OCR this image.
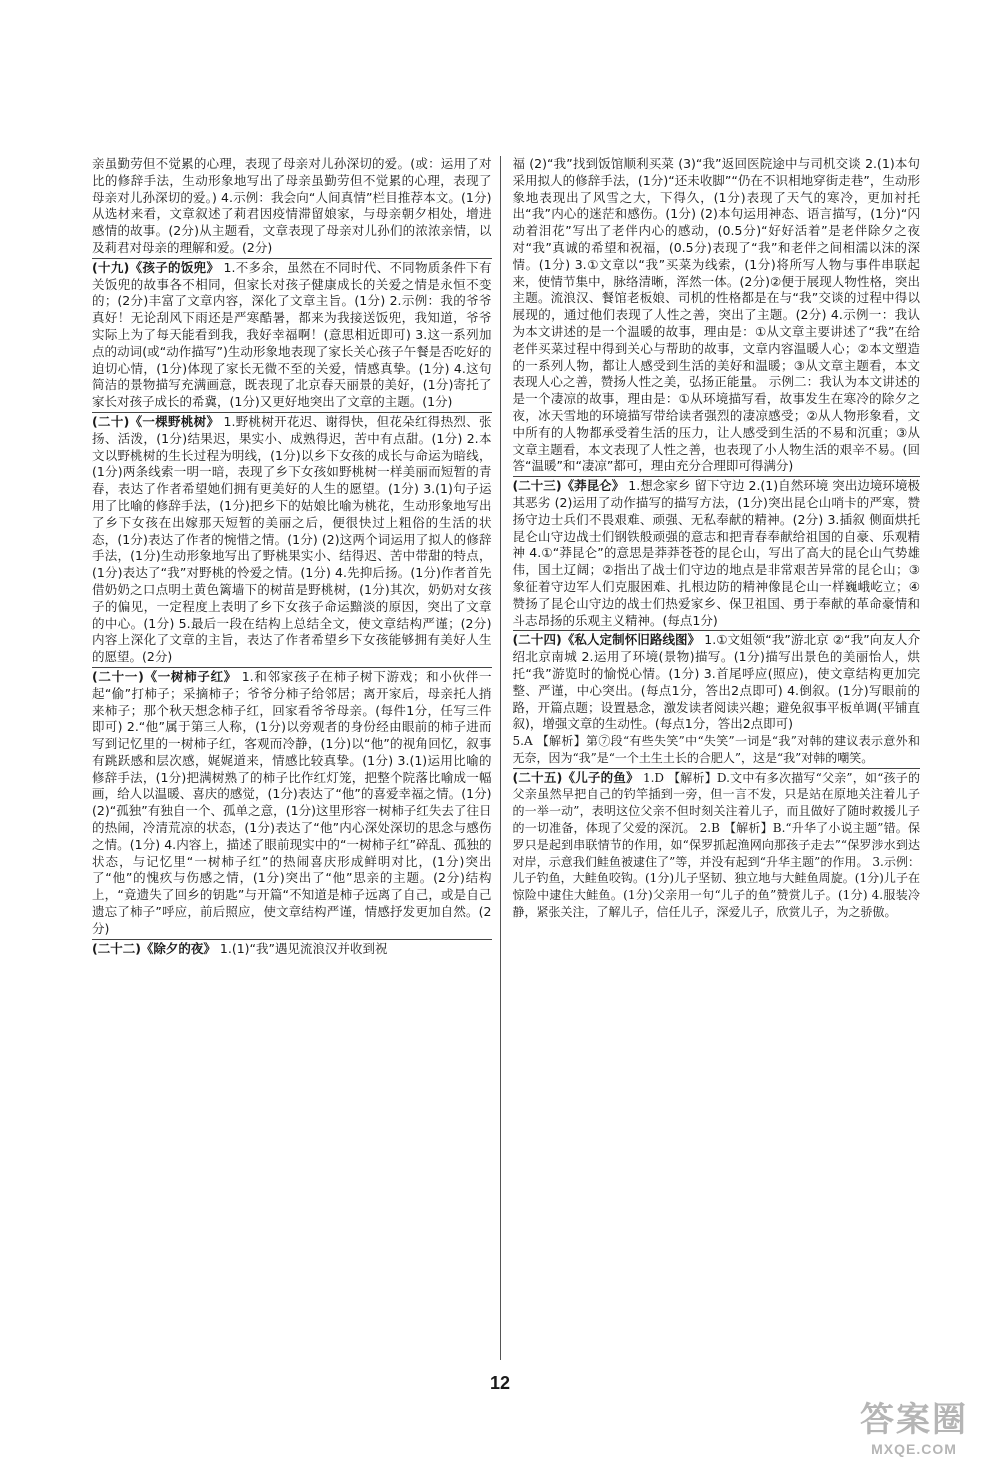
亲虽勤劳但不觉累的心理，表现了母亲对儿孙深切的爱。(或：运用了对比的修辞手法，生动形象地写出了母亲虽勤劳但不觉累的心理，表现了母亲对儿孙深切的爱。) 4.示例：我会向“人间真情”栏目推荐本文。(1分)从选材来看，文章叙述了莉君因疫情滞留娘家，与母亲朝夕相处，增进感情的故事。(2分)从主题看，文章表现了母亲对儿孙们的浓浓亲情，以及莉君对母亲的理解和爱。(2分)

(十九)《孩子的饭兜》 1.不多余，虽然在不同时代、不同物质条件下有关饭兜的故事各不相同，但家长对孩子健康成长的关爱之情是永恒不变的；(2分)丰富了文章内容，深化了文章主旨。(1分) 2.示例：我的爷爷真好！无论刮风下雨还是严寒酷暑，都来为我接送饭兜，我知道，爷爷实际上为了每天能看到我，我好幸福啊！(意思相近即可) 3.这一系列加点的动词(或“动作描写”)生动形象地表现了家长关心孩子午餐是否吃好的迫切心情，(1分)体现了家长无微不至的关爱，情感真挚。(1分) 4.这句简洁的景物描写充满画意，既表现了北京春天丽景的美好，(1分)寄托了家长对孩子成长的希冀，(1分)又更好地突出了文章的主题。(1分)
(二十)《一棵野桃树》 1.野桃树开花迟、谢得快，但花朵红得热烈、张扬、活泼，(1分)结果迟，果实小、成熟得迟，苦中有点甜。(1分) 2.本文以野桃树的生长过程为明线，(1分)以乡下女孩的成长与命运为暗线，(1分)两条线索一明一暗，表现了乡下女孩如野桃树一样美丽而短暂的青春，表达了作者希望她们拥有更美好的人生的愿望。(1分) 3.(1)句子运用了比喻的修辞手法，(1分)把乡下的姑娘比喻为桃花，生动形象地写出了乡下女孩在出嫁那天短暂的美丽之后，便很快过上粗俗的生活的状态，(1分)表达了作者的惋惜之情。(1分) (2)这两个词运用了拟人的修辞手法，(1分)生动形象地写出了野桃果实小、结得迟、苦中带甜的特点，(1分)表达了“我”对野桃的怜爱之情。(1分) 4.先抑后扬。(1分)作者首先借奶奶之口点明土黄色篱墙下的树苗是野桃树，(1分)其次，奶奶对女孩子的偏见，一定程度上表明了乡下女孩子命运黯淡的原因，突出了文章的中心。(1分) 5.最后一段在结构上总结全文，使文章结构严谨；(2分)内容上深化了文章的主旨，表达了作者希望乡下女孩能够拥有美好人生的愿望。(2分)
(二十一)《一树柿子红》 1.和邻家孩子在柿子树下游戏；和小伙伴一起“偷”打柿子；采摘柿子；爷爷分柿子给邻居；离开家后，母亲托人捎来柿子；那个秋天想念柿子红，回家看爷爷母亲。(每件1分，任写三件即可) 2.“他”属于第三人称，(1分)以旁观者的身份经由眼前的柿子进而写到记忆里的一树柿子红，客观而冷静，(1分)以“他”的视角回忆，叙事有跳跃感和层次感，娓娓道来，情感比较真挚。(1分) 3.(1)运用比喻的修辞手法，(1分)把满树熟了的柿子比作红灯笼，把整个院落比喻成一幅画，给人以温暖、喜庆的感觉，(1分)表达了“他”的喜爱幸福之情。(1分) (2)“孤独”有独自一个、孤单之意，(1分)这里形容一树柿子红失去了往日的热闹，冷清荒凉的状态，(1分)表达了“他”内心深处深切的思念与感伤之情。(1分) 4.内容上，描述了眼前现实中的“一树柿子红”碎乱、孤独的状态，与记忆里“一树柿子红”的热闹喜庆形成鲜明对比，(1分)突出了“他”的愧疚与伤感之情，(1分)突出了“他”思亲的主题。(2分)结构上，“竟遗失了回乡的钥匙”与开篇“不知道是柿子远离了自己，或是自己遗忘了柿子”呼应，前后照应，使文章结构严谨，情感抒发更加自然。(2分)
(二十二)《除夕的夜》 1.(1)“我”遇见流浪汉并收到祝

福 (2)“我”找到饭馆顺利买菜 (3)“我”返回医院途中与司机交谈 2.(1)本句采用拟人的修辞手法，(1分)“还未收脚”“仍在不识相地穿街走巷”，生动形象地表现出了风雪之大，下得久，(1分)表现了天气的寒冷，更加衬托出“我”内心的迷茫和感伤。(1分) (2)本句运用神态、语言描写，(1分)“闪动着泪花”写出了老伴内心的感动，(0.5分)“好好活着”是老伴除夕之夜对“我”真诚的希望和祝福，(0.5分)表现了“我”和老伴之间相濡以沫的深情。(1分) 3.①文章以“我”买菜为线索，(1分)将所写人物与事件串联起来，使情节集中，脉络清晰，浑然一体。(2分)②便于展现人物性格，突出主题。流浪汉、餐馆老板娘、司机的性格都是在与“我”交谈的过程中得以展现的，通过他们表现了人性之善，突出了主题。(2分) 4.示例一：我认为本文讲述的是一个温暖的故事，理由是：①从文章主要讲述了“我”在给老伴买菜过程中得到关心与帮助的故事，文章内容温暖人心；②本文塑造的一系列人物，都让人感受到生活的美好和温暖；③从文章主题看，本文表现人心之善，赞扬人性之美，弘扬正能量。 示例二：我认为本文讲述的是一个凄凉的故事，理由是：①从环境描写看，故事发生在寒冷的除夕之夜，冰天雪地的环境描写带给读者强烈的凄凉感受；②从人物形象看，文中所有的人物都承受着生活的压力，让人感受到生活的不易和沉重；③从文章主题看，本文表现了人性之善，也表现了小人物生活的艰辛不易。(回答“温暖”和“凄凉”都可，理由充分合理即可得满分)

(二十三)《莽昆仑》 1.想念家乡 留下守边 2.(1)自然环境 突出边境环境极其恶劣 (2)运用了动作描写的描写方法，(1分)突出昆仑山哨卡的严寒，赞扬守边士兵们不畏艰难、顽强、无私奉献的精神。(2分) 3.插叙 侧面烘托昆仑山守边战士们钢铁般顽强的意志和把青春奉献给祖国的自豪、乐观精神 4.①“莽昆仑”的意思是莽莽苍苍的昆仑山，写出了高大的昆仑山气势雄伟，国土辽阔；②指出了战士们守边的地点是非常艰苦异常的昆仑山；③象征着守边军人们克服困难、扎根边防的精神像昆仑山一样巍峨屹立；④赞扬了昆仑山守边的战士们热爱家乡、保卫祖国、勇于奉献的革命豪情和斗志昂扬的乐观主义精神。(每点1分)
(二十四)《私人定制怀旧路线图》 1.①文姐领“我”游北京 ②“我”向友人介绍北京南城 2.运用了环境(景物)描写。(1分)描写出景色的美丽怡人，烘托“我”游览时的愉悦心情。(1分) 3.首尾呼应(照应)，使文章结构更加完整、严谨，中心突出。(每点1分，答出2点即可) 4.倒叙。(1分)写眼前的路，开篇点题；设置悬念，激发读者阅读兴趣；避免叙事平板单调(平铺直叙)，增强文章的生动性。(每点1分，答出2点即可)
5.A 【解析】第⑦段“有些失笑”中“失笑”一词是“我”对韩的建议表示意外和无奈，因为“我”是“一个土生土长的合肥人”，这是“我”对韩的嘲笑。
(二十五)《儿子的鱼》 1.D 【解析】D.文中有多次描写“父亲”，如“孩子的父亲虽然早把自己的钓竿插到一旁，但一言不发，只是站在原地关注着儿子的一举一动”，表明这位父亲不但时刻关注着儿子，而且做好了随时救援儿子的一切准备，体现了父爱的深沉。 2.B 【解析】B.“升华了小说主题”错。保罗只是起到串联情节的作用，如“保罗抓起渔网向那孩子走去”“保罗涉水到达对岸，示意我们鲑鱼被逮住了”等，并没有起到“升华主题”的作用。 3.示例：儿子钓鱼，大鲑鱼咬钩。(1分)儿子坚韧、独立地与大鲑鱼周旋。(1分)儿子在惊险中逮住大鲑鱼。(1分)父亲用一句“儿子的鱼”赞赏儿子。(1分) 4.服装冷静，紧张关注，了解儿子，信任儿子，深爱儿子，欣赏儿子，为之骄傲。
12
答案圈
MXQE.COM
